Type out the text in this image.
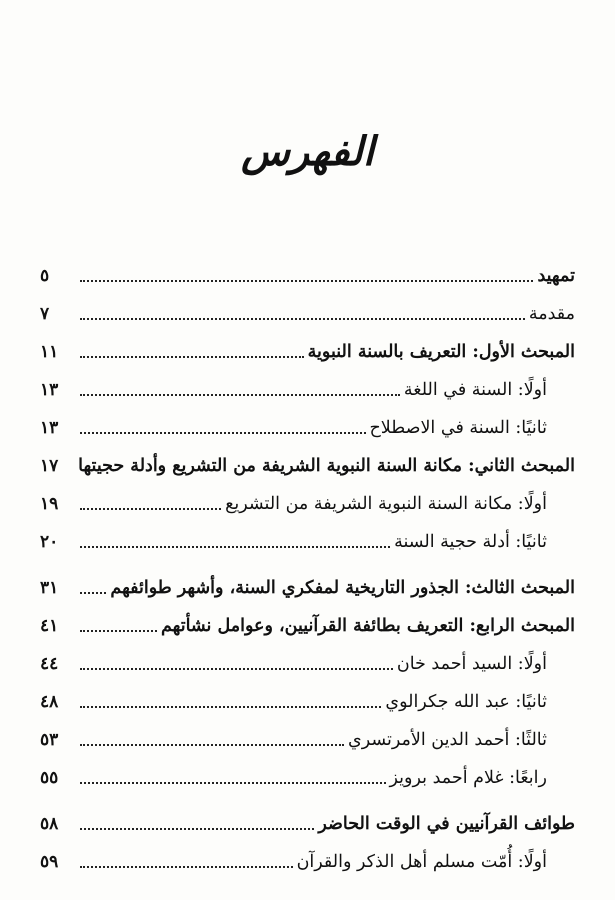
الفهرس
تمهيد
٥
مقدمة
٧
المبحث الأول: التعريف بالسنة النبوية
١١
أولًا: السنة في اللغة
١٣
ثانيًا: السنة في الاصطلاح
١٣
المبحث الثاني: مكانة السنة النبوية الشريفة من التشريع وأدلة حجيتها
١٧
أولًا: مكانة السنة النبوية الشريفة من التشريع
١٩
ثانيًا: أدلة حجية السنة
٢٠
المبحث الثالث: الجذور التاريخية لمفكري السنة، وأشهر طوائفهم
٣١
المبحث الرابع: التعريف بطائفة القرآنيين، وعوامل نشأتهم
٤١
أولًا: السيد أحمد خان
٤٤
ثانيًا: عبد الله جكرالوي
٤٨
ثالثًا: أحمد الدين الأمرتسري
٥٣
رابعًا: غلام أحمد برويز
٥٥
طوائف القرآنيين في الوقت الحاضر
٥٨
أولًا: أُمّت مسلم أهل الذكر والقرآن
٥٩
